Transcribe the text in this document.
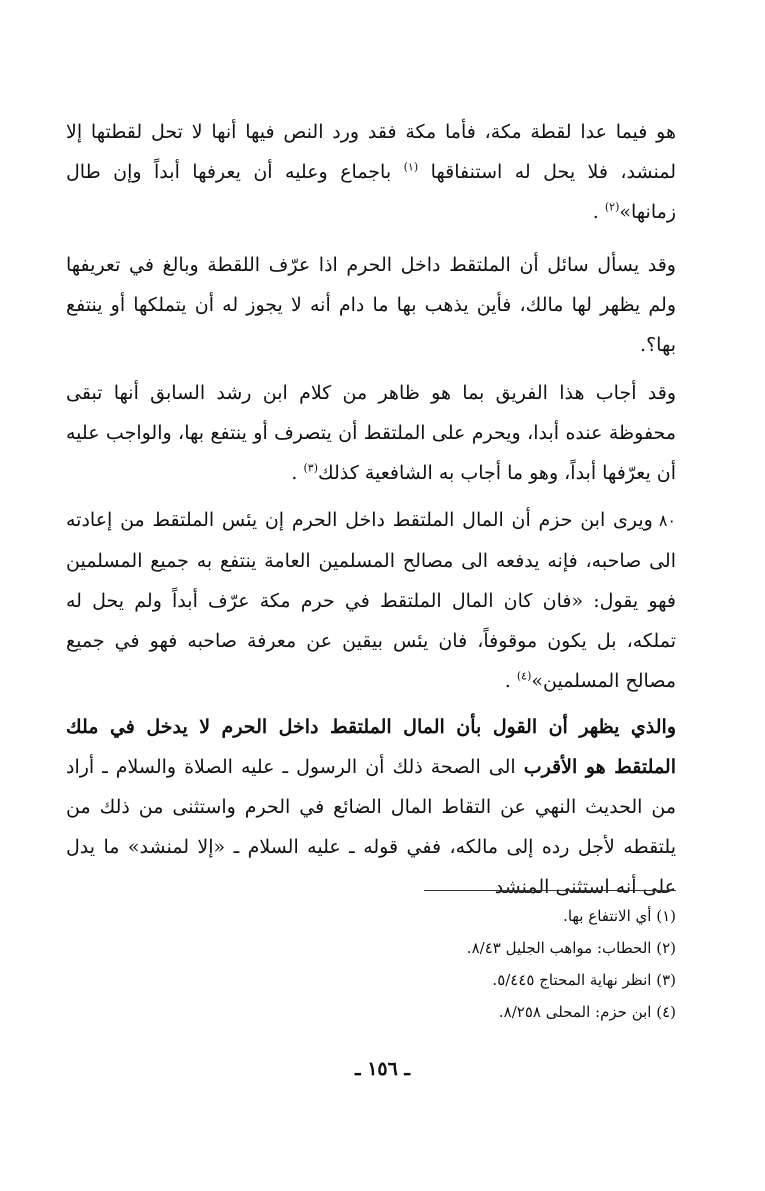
هو فيما عدا لقطة مكة، فأما مكة فقد ورد النص فيها أنها لا تحل لقطتها إلا لمنشد، فلا يحل له استنفاقها $^{(١)}$ باجماع وعليه أن يعرفها أبداً وإن طال زمانها»$^{(٢)}$ .

وقد يسأل سائل أن الملتقط داخل الحرم اذا عرّف اللقطة وبالغ في تعريفها ولم يظهر لها مالك، فأين يذهب بها ما دام أنه لا يجوز له أن يتملكها أو ينتفع بها؟.

وقد أجاب هذا الفريق بما هو ظاهر من كلام ابن رشد السابق أنها تبقى محفوظة عنده أبدا، ويحرم على الملتقط أن يتصرف أو ينتفع بها، والواجب عليه أن يعرّفها أبداً، وهو ما أجاب به الشافعية كذلك$^{(٣)}$ .

٨٠ويرى ابن حزم أن المال الملتقط داخل الحرم إن يئس الملتقط من إعادته الى صاحبه، فإنه يدفعه الى مصالح المسلمين العامة ينتفع به جميع المسلمين فهو يقول: «فان كان المال الملتقط في حرم مكة عرّف أبداً ولم يحل له تملكه، بل يكون موقوفاً، فان يئس بيقين عن معرفة صاحبه فهو في جميع مصالح المسلمين»$^{(٤)}$ .

والذي يظهر أن القول بأن المال الملتقط داخل الحرم لا يدخل في ملك الملتقط هو الأقرب الى الصحة ذلك أن الرسول ـ عليه الصلاة والسلام ـ أراد من الحديث النهي عن التقاط المال الضائع في الحرم واستثنى من ذلك من يلتقطه لأجل رده إلى مالكه، ففي قوله ـ عليه السلام ـ «إلا لمنشد» ما يدل على أنه استثنى المنشد

(١) أي الانتفاع بها.
(٢) الحطاب: مواهب الجليل ٨/٤٣.
(٣) انظر نهاية المحتاج ٥/٤٤٥.
(٤) ابن حزم: المحلى ٨/٢٥٨.
ـ ١٥٦ ـ
